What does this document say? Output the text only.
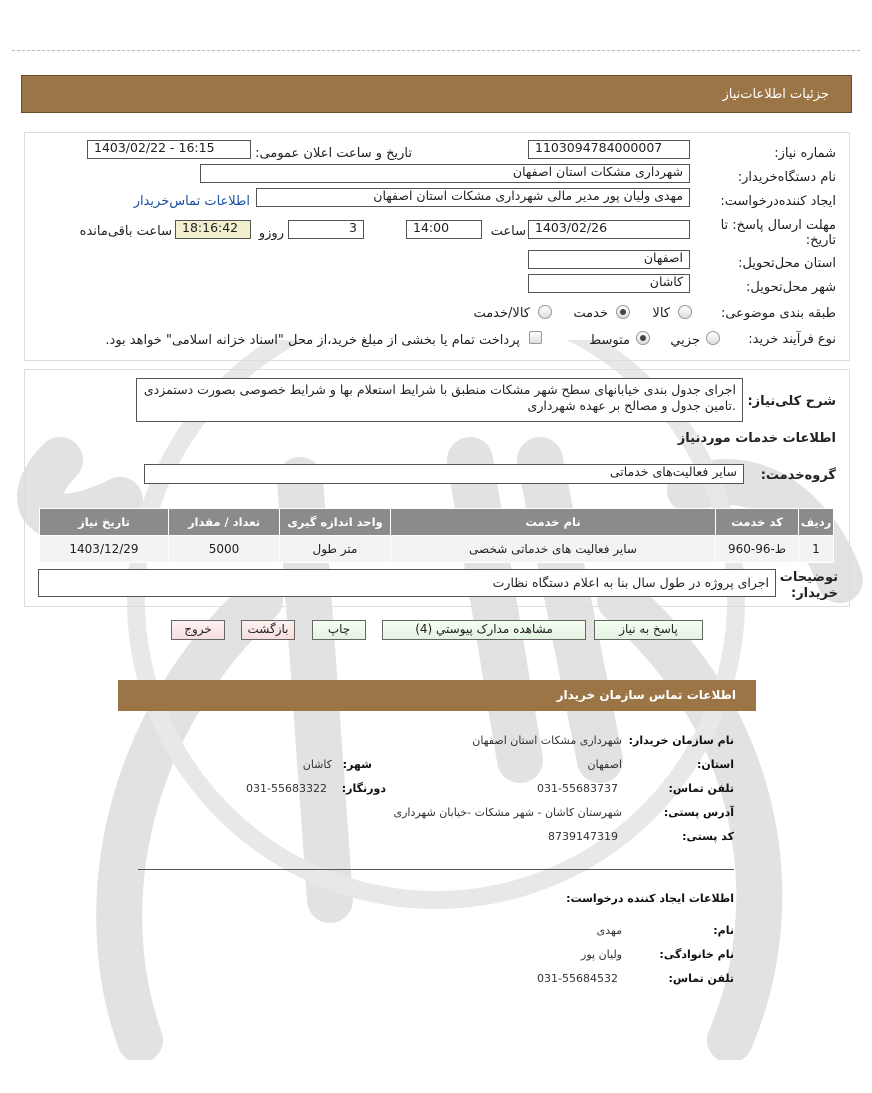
جزئیات اطلاعات‌نیاز
شماره نیاز:
1103094784000007
تاریخ و ساعت اعلان عمومی:
1403/02/22 - 16:15
نام دستگاه‌خریدار:
شهرداری مشکات استان اصفهان
ایجاد کننده‌درخواست:
مهدی ولیان پور مدیر مالی شهرداری مشکات استان اصفهان
اطلاعات تماس‌خریدار
مهلت ارسال پاسخ: تا
تاریخ:
1403/02/26
ساعت
14:00
3
روزو
18:16:42
ساعت باقی‌مانده
استان محل‌تحویل:
اصفهان
شهر محل‌تحویل:
کاشان
طبقه بندی موضوعی:
کالا
خدمت
کالا/خدمت
نوع فرآیند خرید:
جزیي
متوسط
پرداخت تمام یا بخشی از مبلغ خرید،از محل "اسناد خزانه اسلامی" خواهد بود.
شرح کلی‌نیاز:
اجرای جدول بندی خیابانهای سطح شهر مشکات منطبق با شرایط استعلام بها و شرایط خصوصی بصورت دستمزدی .تامین جدول و مصالح بر عهده شهرداری
اطلاعات خدمات موردنیاز
گروه‌خدمت:
سایر فعالیت‌های خدماتی
ردیف	کد خدمت	نام خدمت	واحد اندازه گیری	تعداد / مقدار	تاریخ نیاز
1	ط-96-960	سایر فعالیت های خدماتی شخصی	متر طول	5000	1403/12/29
توضیحات
خریدار:
اجرای پروژه در طول سال بنا به اعلام دستگاه نظارت
پاسخ به نیاز
مشاهده مدارک پیوستي (4)
چاپ
بازگشت
خروج
اطلاعات تماس سازمان خریدار
نام سازمان خریدار:
شهرداری مشکات استان اصفهان
استان:
اصفهان
شهر:
کاشان
تلفن تماس:
031-55683737
دورنگار:
031-55683322
آدرس پستی:
شهرستان کاشان - شهر مشکات -خیابان شهرداری
کد پستی:
8739147319
اطلاعات ایجاد کننده درخواست:
نام:
مهدی
نام خانوادگی:
ولیان پور
تلفن تماس:
031-55684532
